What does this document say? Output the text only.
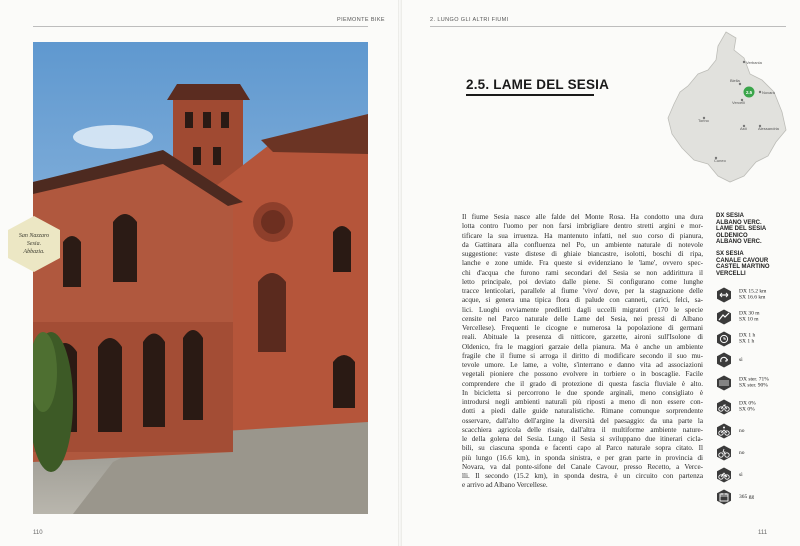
PIEMONTE BIKE	2. LUNGO GLI ALTRI FIUMI
110	111
San Nazzaro
Sesia.
Abbazia.
2.5. LAME DEL SESIA
Verbania
Biella
Novara
Vercelli
Torino
Asti	Alessandria
Cuneo
2.5
Il fiume Sesia nasce alle falde del Monte Rosa. Ha condotto una dura
lotta contro l'uomo per non farsi imbrigliare dentro stretti argini e mor-
tificare la sua irruenza. Ha mantenuto infatti, nel suo corso di pianura,
da Gattinara alla confluenza nel Po, un ambiente naturale di notevole
suggestione: vaste distese di ghiaie biancastre, isolotti, boschi di ripa,
lanche e zone umide. Fra queste si evidenziano le 'lame', ovvero spec-
chi d'acqua che furono rami secondari del Sesia se non addirittura il
letto principale, poi deviato dalle piene. Si configurano come lunghe
tracce lenticolari, parallele al fiume 'vivo' dove, per la stagnazione delle
acque, si genera una tipica flora di palude con canneti, carici, felci, sa-
lici. Luoghi ovviamente prediletti dagli uccelli migratori (170 le specie
censite nel Parco naturale delle Lame del Sesia, nei pressi di Albano
Vercellese). Frequenti le cicogne e numerosa la popolazione di germani
reali. Abituale la presenza di nitticore, garzette, aironi sull'Isolone di
Oldenico, fra le maggiori garzaie della pianura. Ma è anche un ambiente
fragile che il fiume si arroga il diritto di modificare secondo il suo mu-
tevole umore. Le lame, a volte, s'interrano e danno vita ad associazioni
vegetali pioniere che possono evolvere in torbiere o in boscaglie. Facile
comprendere che il grado di protezione di questa fascia fluviale è alto.
In bicicletta si percorrono le due sponde arginali, meno consigliato è
introdursi negli ambienti naturali più riposti a meno di non essere con-
dotti a piedi dalle guide naturalistiche. Rimane comunque sorprendente
osservare, dall'alto dell'argine la diversità del paesaggio: da una parte la
scacchiera agricola delle risaie, dall'altra il multiforme ambiente nature-
le della golena del Sesia. Lungo il Sesia si sviluppano due itinerari cicla-
bili, su ciascuna sponda e facenti capo al Parco naturale sopra citato. Il
più lungo (16.6 km), in sponda sinistra, e per gran parte in provincia di
Novara, va dal ponte-sifone del Canale Cavour, presso Recetto, a Verce-
lli. Il secondo (15.2 km), in sponda destra, è un circuito con partenza
e arrivo ad Albano Vercellese.
DX SESIA
ALBANO VERC.
LAME DEL SESIA
OLDENICO
ALBANO VERC.
SX SESIA
CANALE CAVOUR
CASTEL MARTINO
VERCELLI
DX 15.2 km
SX 16.6 km
DX 30 m
SX 10 m
DX 1 h
SX 1 h
sì
DX ster. 71%
SX ster. 90%
DX 0%
SX 0%
no
no
sì
365 gg
